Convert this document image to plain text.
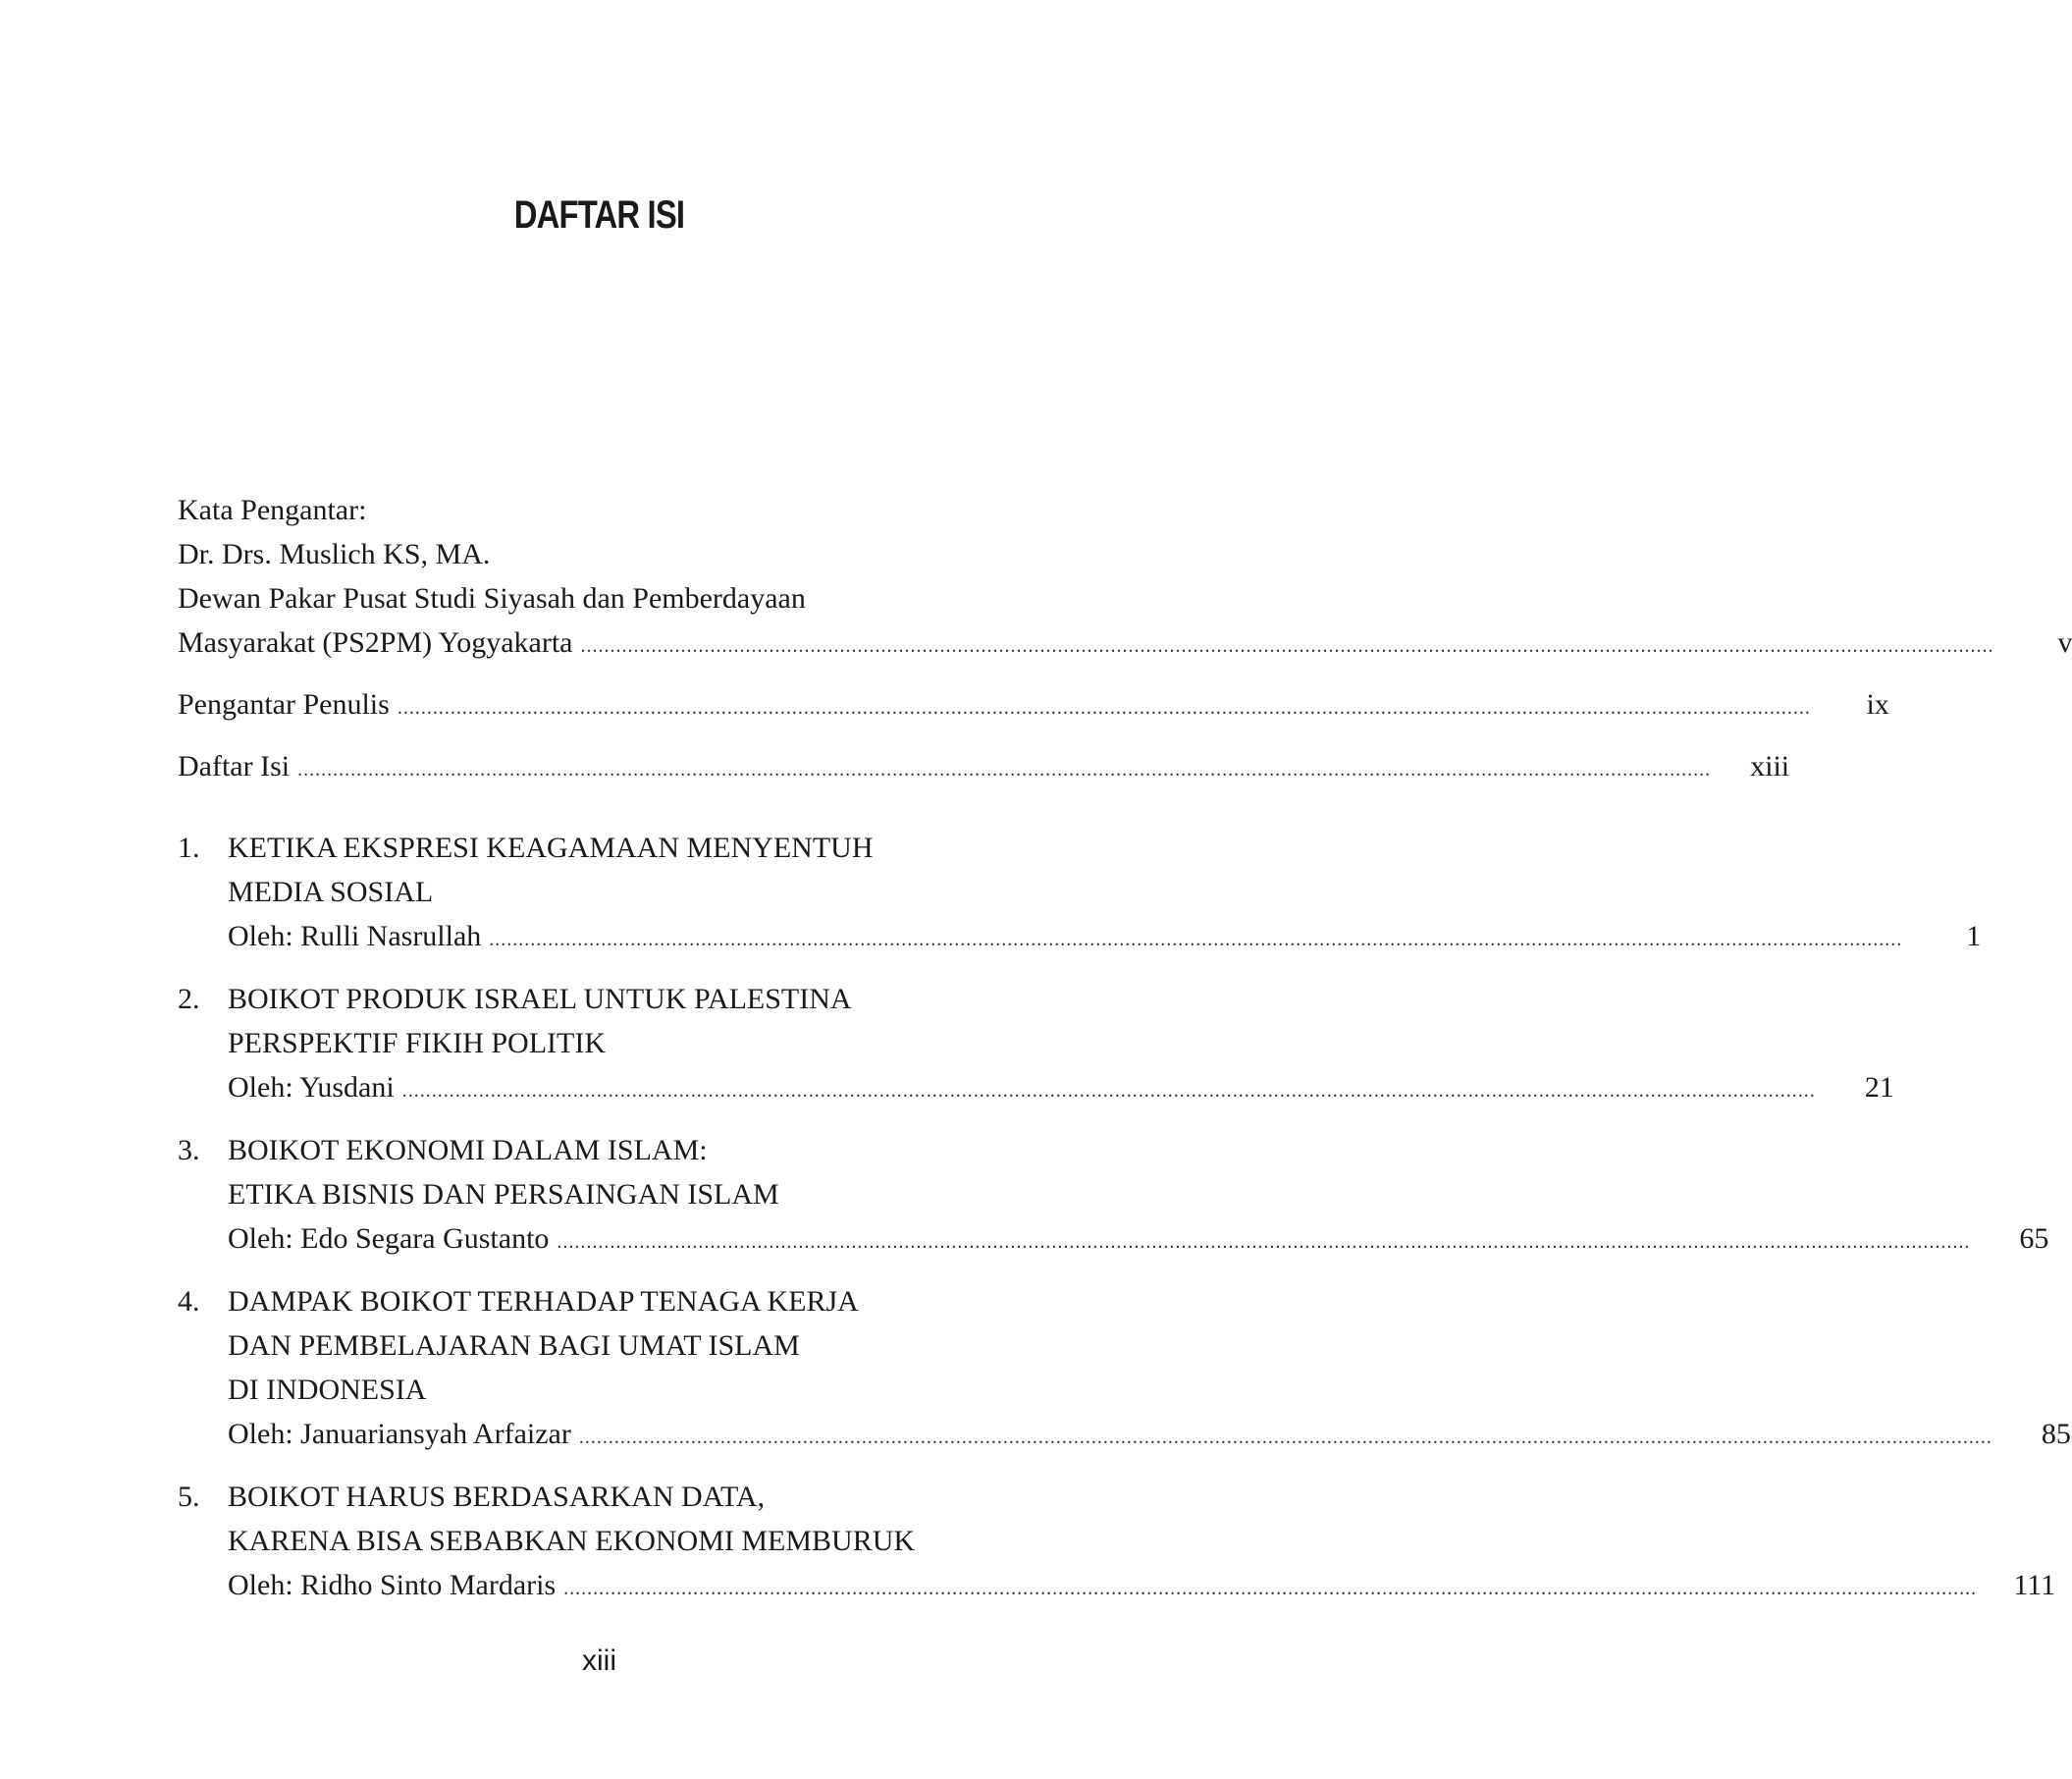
DAFTAR ISI
Kata Pengantar:
Dr. Drs. Muslich KS, MA.
Dewan Pakar Pusat Studi Siyasah dan Pemberdayaan
Masyarakat (PS2PM) Yogyakarta .....	v
Pengantar Penulis .....	ix
Daftar Isi .....	xiii
1. KETIKA EKSPRESI KEAGAMAAN MENYENTUH
MEDIA SOSIAL
Oleh: Rulli Nasrullah .....	1
2. BOIKOT PRODUK ISRAEL UNTUK PALESTINA
PERSPEKTIF FIKIH POLITIK
Oleh: Yusdani .....	21
3. BOIKOT EKONOMI DALAM ISLAM:
ETIKA BISNIS DAN PERSAINGAN ISLAM
Oleh: Edo Segara Gustanto .....	65
4. DAMPAK BOIKOT TERHADAP TENAGA KERJA
DAN PEMBELAJARAN BAGI UMAT ISLAM
DI INDONESIA
Oleh: Januariansyah Arfaizar .....	85
5. BOIKOT HARUS BERDASARKAN DATA,
KARENA BISA SEBABKAN EKONOMI MEMBURUK
Oleh: Ridho Sinto Mardaris .....	111
xiii
